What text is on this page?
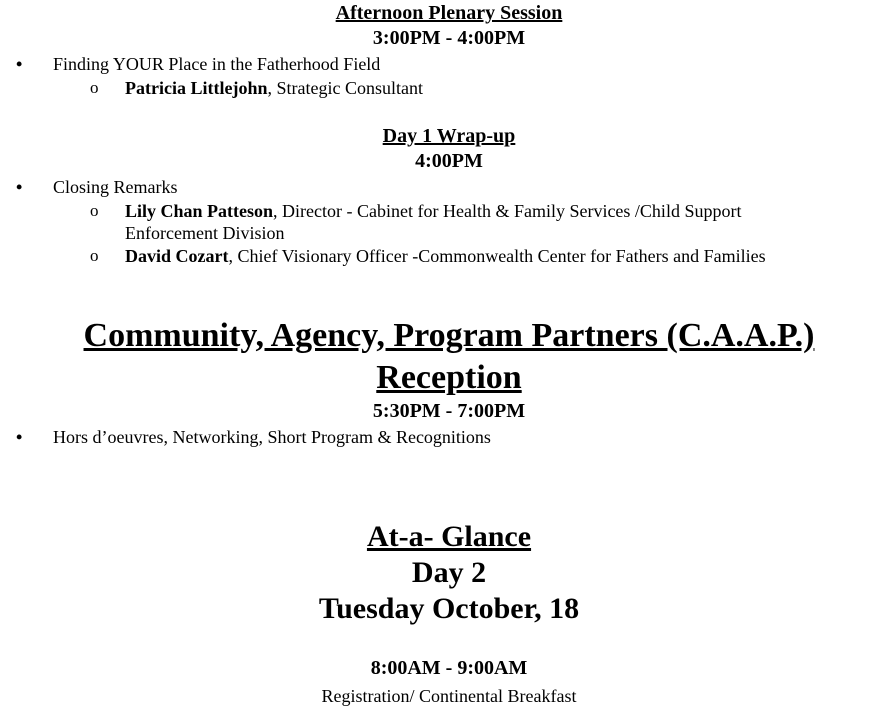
Afternoon Plenary Session
3:00PM - 4:00PM
•
Finding YOUR Place in the Fatherhood Field
o Patricia Littlejohn, Strategic Consultant
Day 1 Wrap-up
4:00PM
•
Closing Remarks
o Lily Chan Patteson, Director - Cabinet for Health & Family Services /Child Support
Enforcement Division
o David Cozart, Chief Visionary Officer -Commonwealth Center for Fathers and Families
Community, Agency, Program Partners (C.A.A.P.)
Reception
5:30PM - 7:00PM
•
Hors d’oeuvres, Networking, Short Program & Recognitions
At-a- Glance
Day 2
Tuesday October, 18
8:00AM - 9:00AM
Registration/ Continental Breakfast
